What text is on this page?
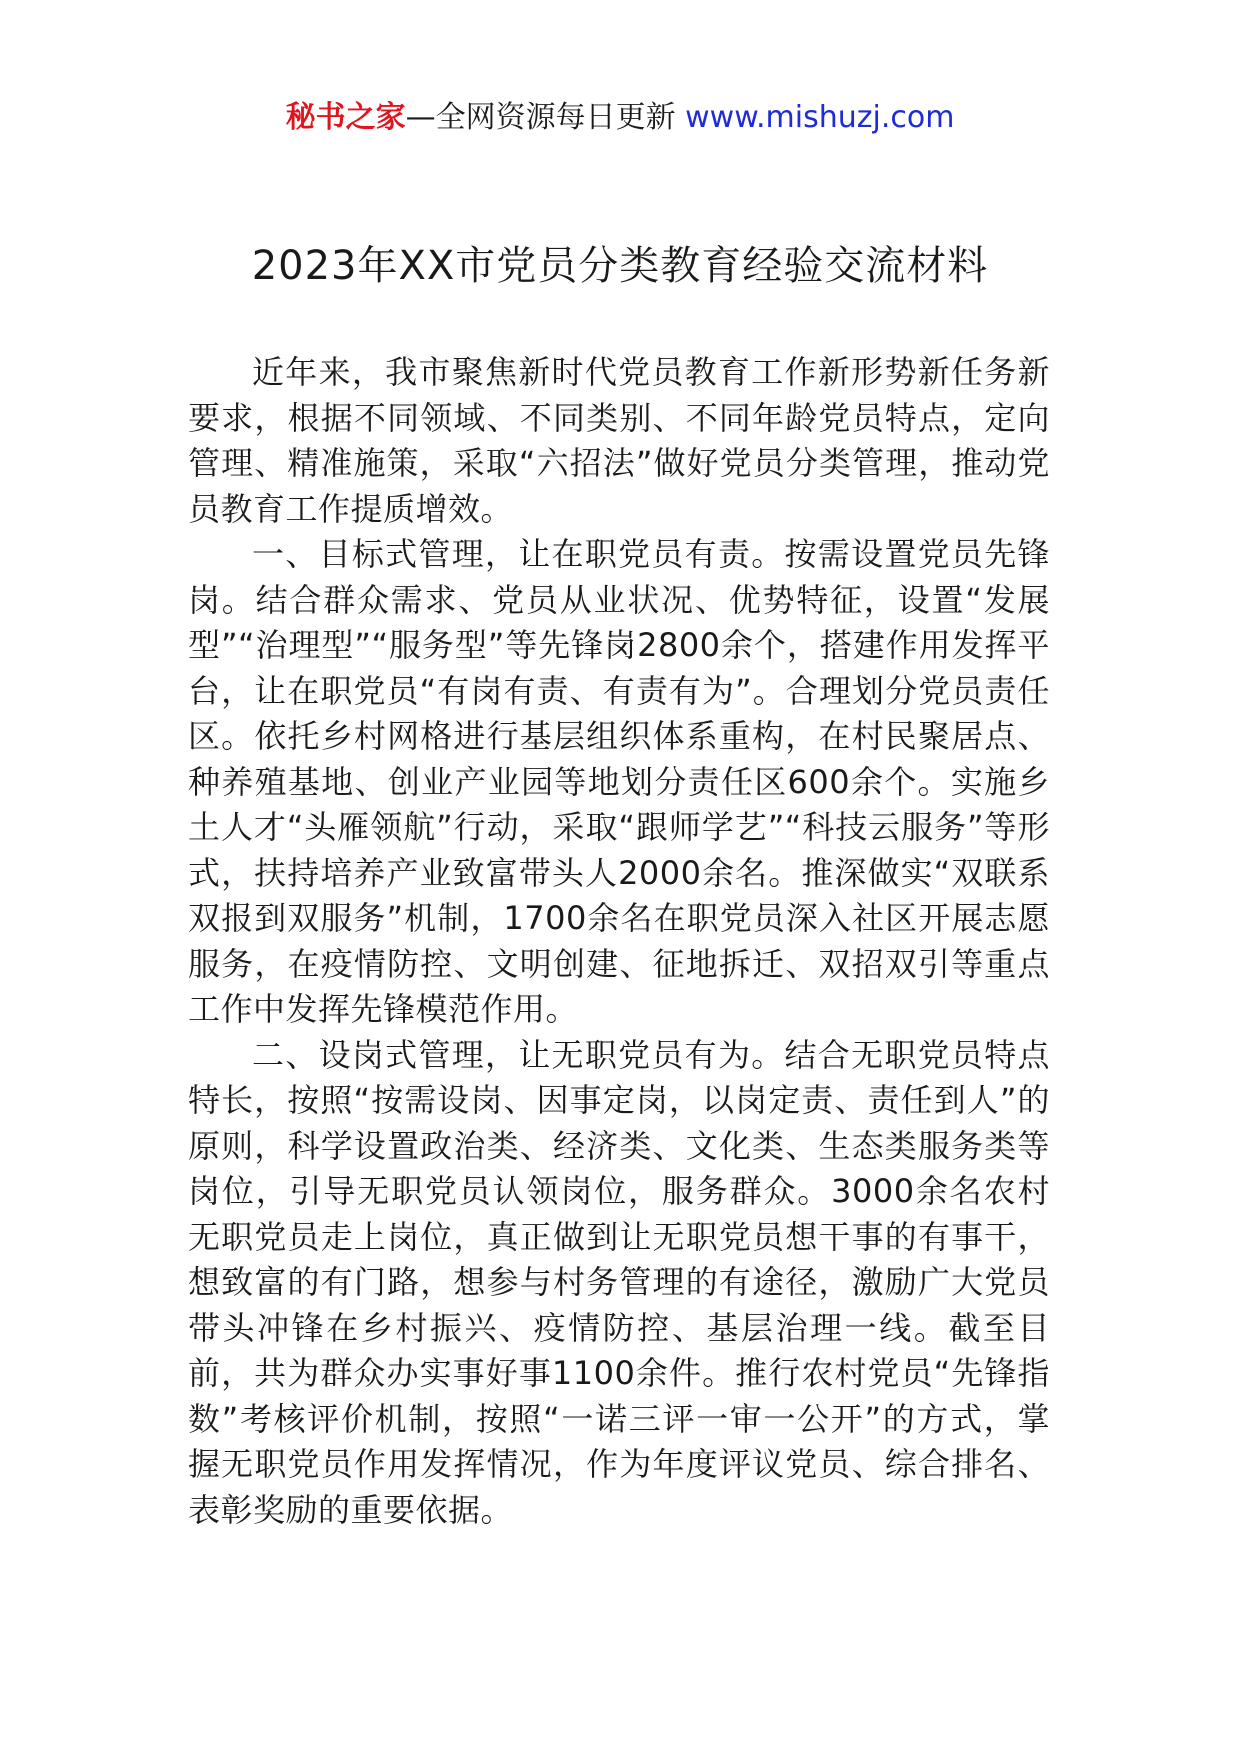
秘书之家—全网资源每日更新 www.mishuzj.com
2023年XX市党员分类教育经验交流材料

近年来，我市聚焦新时代党员教育工作新形势新任务新要求，根据不同领域、不同类别、不同年龄党员特点，定向管理、精准施策，采取“六招法”做好党员分类管理，推动党员教育工作提质增效。

一、目标式管理，让在职党员有责。按需设置党员先锋岗。结合群众需求、党员从业状况、优势特征，设置“发展型”“治理型”“服务型”等先锋岗2800余个，搭建作用发挥平台，让在职党员“有岗有责、有责有为”。合理划分党员责任区。依托乡村网格进行基层组织体系重构，在村民聚居点、种养殖基地、创业产业园等地划分责任区600余个。实施乡土人才“头雁领航”行动，采取“跟师学艺”“科技云服务”等形式，扶持培养产业致富带头人2000余名。推深做实“双联系双报到双服务”机制，1700余名在职党员深入社区开展志愿服务，在疫情防控、文明创建、征地拆迁、双招双引等重点工作中发挥先锋模范作用。

二、设岗式管理，让无职党员有为。结合无职党员特点特长，按照“按需设岗、因事定岗，以岗定责、责任到人”的原则，科学设置政治类、经济类、文化类、生态类服务类等岗位，引导无职党员认领岗位，服务群众。3000余名农村无职党员走上岗位，真正做到让无职党员想干事的有事干，想致富的有门路，想参与村务管理的有途径，激励广大党员带头冲锋在乡村振兴、疫情防控、基层治理一线。截至目前，共为群众办实事好事1100余件。推行农村党员“先锋指数”考核评价机制，按照“一诺三评一审一公开”的方式，掌握无职党员作用发挥情况，作为年度评议党员、综合排名、表彰奖励的重要依据。
